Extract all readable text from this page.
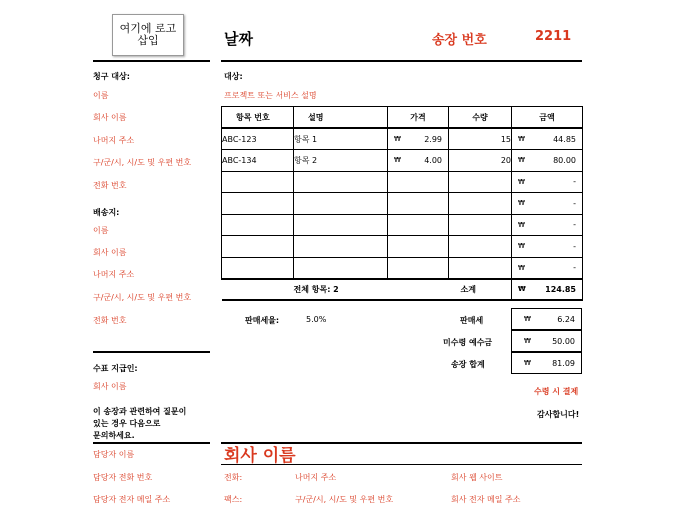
여기에 로고 삽입	날짜	송장 번호	2211
청구 대상:
이름
회사 이름
나머지 주소
구/군/시, 시/도 및 우편 번호
전화 번호
배송지:
이름
회사 이름
나머지 주소
구/군/시, 시/도 및 우편 번호
전화 번호
수표 지급인:
회사 이름
이 송장과 관련하여 질문이
있는 경우 다음으로
문의하세요.
담당자 이름
담당자 전화 번호
담당자 전자 메일 주소
대상:
프로젝트 또는 서비스 설명
항목 번호	설명	가격	수량	금액
ABC-123	항목 1	₩ 2.99	15	₩ 44.85

ABC-134	항목 2	₩ 4.00	20	₩ 80.00

				₩ -

				₩ -

				₩ -

				₩ -

				₩ -

	전체 항목: 2		소계	₩ 124.85
판매세율:	5.0%	판매세	₩	6.24
미수령 예수금	₩	50.00
송장 합계	₩	81.09
수령 시 결제
감사합니다!
회사 이름
전화:
팩스:
나머지 주소
구/군/시, 시/도 및 우편 번호
회사 웹 사이트
회사 전자 메일 주소
